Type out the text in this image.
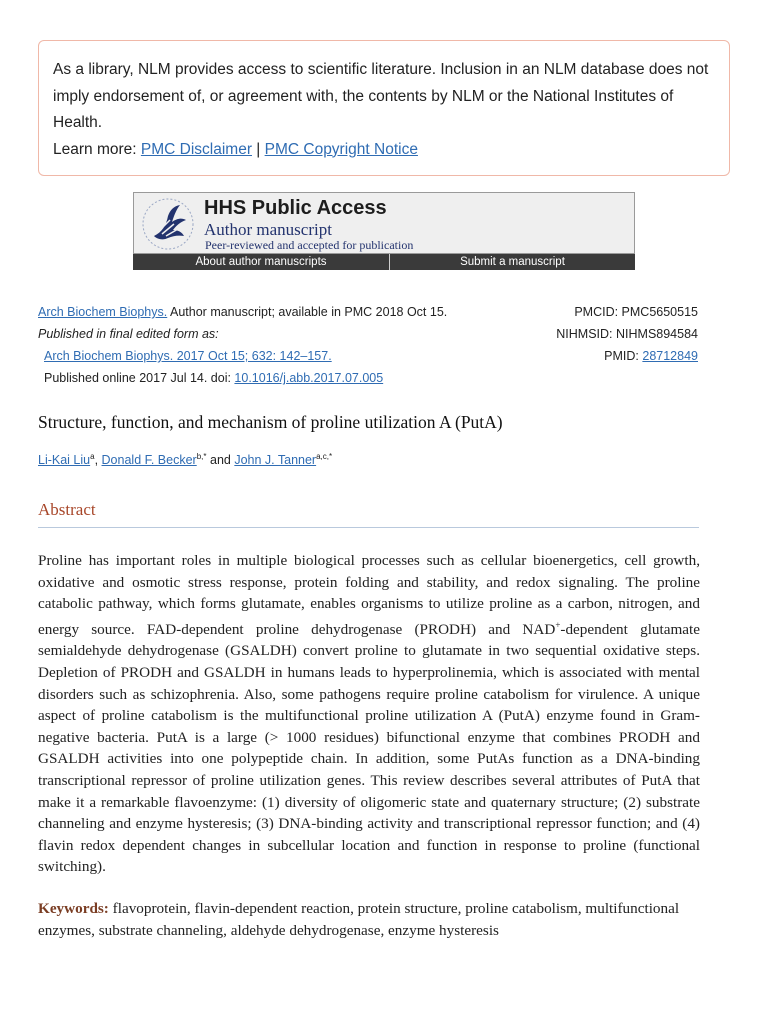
As a library, NLM provides access to scientific literature. Inclusion in an NLM database does not imply endorsement of, or agreement with, the contents by NLM or the National Institutes of Health.
Learn more: PMC Disclaimer | PMC Copyright Notice
HHS Public Access
Author manuscript
Peer-reviewed and accepted for publication
About author manuscripts	Submit a manuscript
Arch Biochem Biophys. Author manuscript; available in PMC 2018 Oct 15.
Published in final edited form as:
Arch Biochem Biophys. 2017 Oct 15; 632: 142–157.
Published online 2017 Jul 14. doi: 10.1016/j.abb.2017.07.005
PMCID: PMC5650515
NIHMSID: NIHMS894584
PMID: 28712849
Structure, function, and mechanism of proline utilization A (PutA)
Li-Kai Liu$^a$, Donald F. Becker$^{b,*}$ and John J. Tanner$^{a,c,*}$
Abstract

Proline has important roles in multiple biological processes such as cellular bioenergetics, cell growth, oxidative and osmotic stress response, protein folding and stability, and redox signaling. The proline catabolic pathway, which forms glutamate, enables organisms to utilize proline as a carbon, nitrogen, and energy source. FAD-dependent proline dehydrogenase (PRODH) and NAD+-dependent glutamate semialdehyde dehydrogenase (GSALDH) convert proline to glutamate in two sequential oxidative steps. Depletion of PRODH and GSALDH in humans leads to hyperprolinemia, which is associated with mental disorders such as schizophrenia. Also, some pathogens require proline catabolism for virulence. A unique aspect of proline catabolism is the multifunctional proline utilization A (PutA) enzyme found in Gram-negative bacteria. PutA is a large (> 1000 residues) bifunctional enzyme that combines PRODH and GSALDH activities into one polypeptide chain. In addition, some PutAs function as a DNA-binding transcriptional repressor of proline utilization genes. This review describes several attributes of PutA that make it a remarkable flavoenzyme: (1) diversity of oligomeric state and quaternary structure; (2) substrate channeling and enzyme hysteresis; (3) DNA-binding activity and transcriptional repressor function; and (4) flavin redox dependent changes in subcellular location and function in response to proline (functional switching).

Keywords: flavoprotein, flavin-dependent reaction, protein structure, proline catabolism, multifunctional enzymes, substrate channeling, aldehyde dehydrogenase, enzyme hysteresis
